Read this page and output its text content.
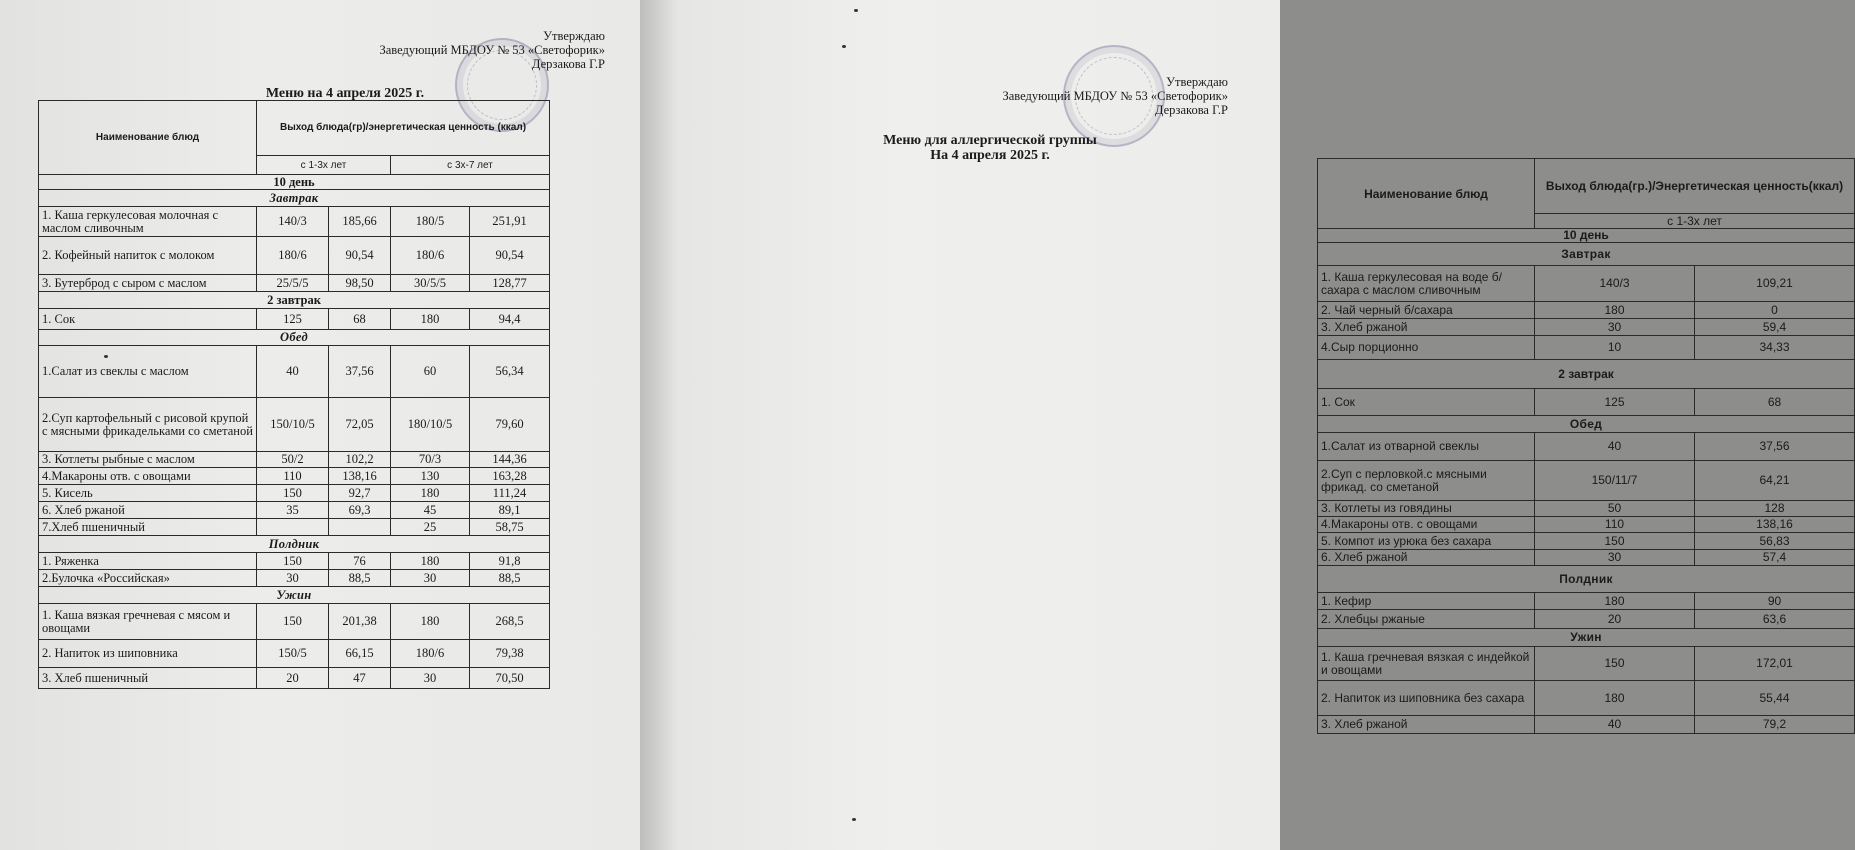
Утверждаю
Заведующий МБДОУ № 53 «Светофорик»
Дерзакова Г.Р
Меню на 4 апреля 2025 г.
Наименование блюд	Выход блюда(гр)/энергетическая ценность (ккал)			
	с 1-3х лет		с 3х-7 лет	
10 день				
Завтрак				
1. Каша геркулесовая молочная с маслом сливочным	140/3	185,66	180/5	251,91
2. Кофейный напиток с молоком	180/6	90,54	180/6	90,54
3. Бутерброд с сыром с маслом	25/5/5	98,50	30/5/5	128,77
2 завтрак				
1. Сок	125	68	180	94,4
Обед				
1.Салат из свеклы с маслом	40	37,56	60	56,34
2.Суп картофельный с рисовой крупой с мясными фрикадельками со сметаной	150/10/5	72,05	180/10/5	79,60
3. Котлеты рыбные с маслом	50/2	102,2	70/3	144,36
4.Макароны отв. с овощами	110	138,16	130	163,28
5. Кисель	150	92,7	180	111,24
6. Хлеб ржаной	35	69,3	45	89,1
7.Хлеб пшеничный			25	58,75
Полдник				
1. Ряженка	150	76	180	91,8
2.Булочка «Российская»	30	88,5	30	88,5
Ужин				
1. Каша вязкая гречневая с мясом и овощами	150	201,38	180	268,5
2. Напиток из шиповника	150/5	66,15	180/6	79,38
3. Хлеб пшеничный	20	47	30	70,50
Утверждаю
Заведующий МБДОУ № 53 «Светофорик»
Дерзакова Г.Р
Меню для аллергической группы
На 4 апреля 2025 г.
Наименование блюд	Выход блюда(гр.)/Энергетическая ценность(ккал)	
	с 1-3х лет	
10 день		
Завтрак		
1. Каша геркулесовая на воде б/сахара с маслом сливочным	140/3	109,21
2. Чай черный б/сахара	180	0
3. Хлеб ржаной	30	59,4
4.Сыр порционно	10	34,33
2 завтрак		
1. Сок	125	68
Обед		
1.Салат из отварной свеклы	40	37,56
2.Суп с перловкой.с мясными фрикад. со сметаной	150/11/7	64,21
3. Котлеты из говядины	50	128
4.Макароны отв. с овощами	110	138,16
5. Компот из урюка без сахара	150	56,83
6. Хлеб ржаной	30	57,4
Полдник		
1. Кефир	180	90
2. Хлебцы ржаные	20	63,6
Ужин		
1. Каша гречневая вязкая с индейкой и овощами	150	172,01
2. Напиток из шиповника без сахара	180	55,44
3. Хлеб ржаной	40	79,2
